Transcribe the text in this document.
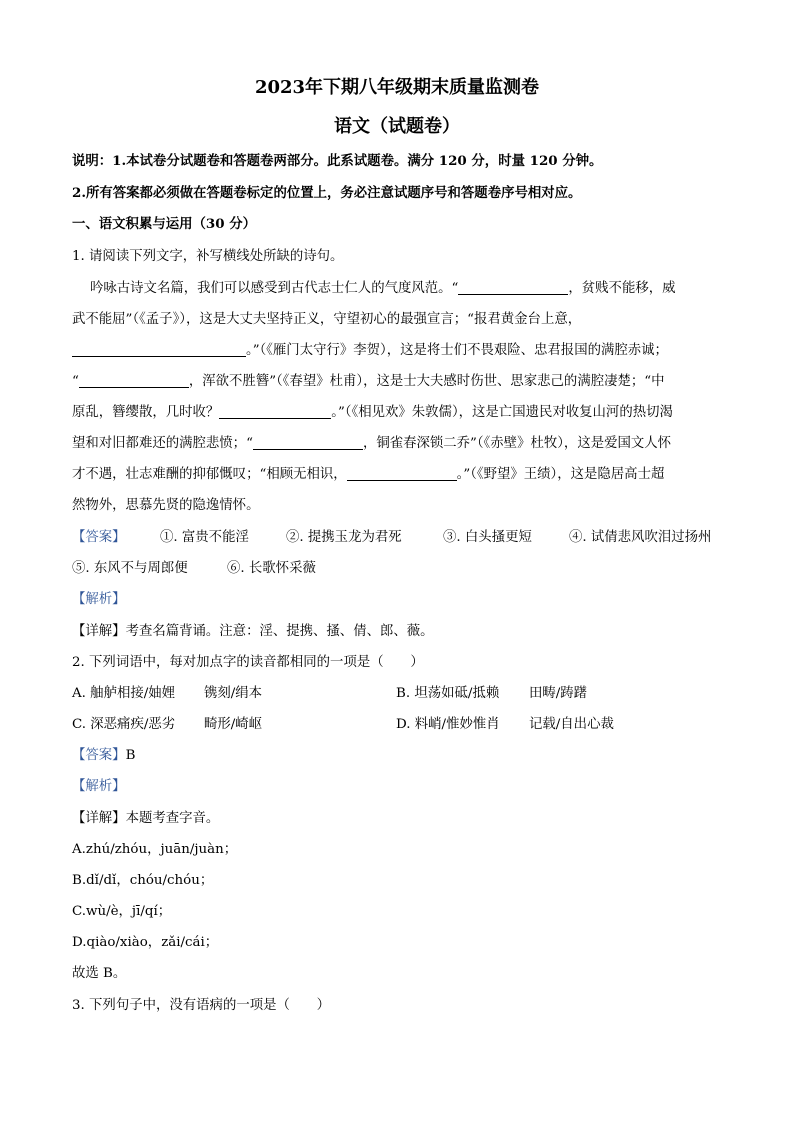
2023年下期八年级期末质量监测卷
语文（试题卷）
说明：1.本试卷分试题卷和答题卷两部分。此系试题卷。满分 120 分，时量 120 分钟。
2.所有答案都必须做在答题卷标定的位置上，务必注意试题序号和答题卷序号相对应。
一、语文积累与运用（30 分）
1. 请阅读下列文字，补写横线处所缺的诗句。
吟咏古诗文名篇，我们可以感受到古代志士仁人的气度风范。“	，贫贱不能移，威
武不能屈”（《孟子》），这是大丈夫坚持正义，守望初心的最强宣言；“报君黄金台上意，
。”（《雁门太守行》李贺），这是将士们不畏艰险、忠君报国的满腔赤诚；
“	，浑欲不胜簪”（《春望》杜甫），这是士大夫感时伤世、思家悲己的满腔凄楚；“中
原乱，簪缨散，几时收？	。”（《相见欢》朱敦儒），这是亡国遗民对收复山河的热切渴
望和对旧都难还的满腔悲愤；“	，铜雀春深锁二乔”（《赤壁》杜牧），这是爱国文人怀
才不遇，壮志难酬的抑郁慨叹；“相顾无相识，	。”（《野望》王绩），这是隐居高士超
然物外，思慕先贤的隐逸情怀。
【答案】	①. 富贵不能淫	②. 提携玉龙为君死	③. 白头搔更短	④. 试倩悲风吹泪过扬州
⑤. 东风不与周郎便	⑥. 长歌怀采薇
【解析】
【详解】考查名篇背诵。注意：淫、提携、搔、倩、郎、薇。
2. 下列词语中，每对加点字的读音都相同的一项是（　　）
A. 舳舻相接/妯娌 镌刻/绢本	B. 坦荡如砥/抵赖 田畴/踌躇
C. 深恶痛疾/恶劣 畸形/崎岖	D. 料峭/惟妙惟肖 记载/自出心裁
【答案】B
【解析】
【详解】本题考查字音。
A.zhú/zhóu，juān/juàn；
B.dǐ/dǐ，chóu/chóu；
C.wù/è，jī/qí；
D.qiào/xiào，zǎi/cái；
故选 B。
3. 下列句子中，没有语病的一项是（　　）
